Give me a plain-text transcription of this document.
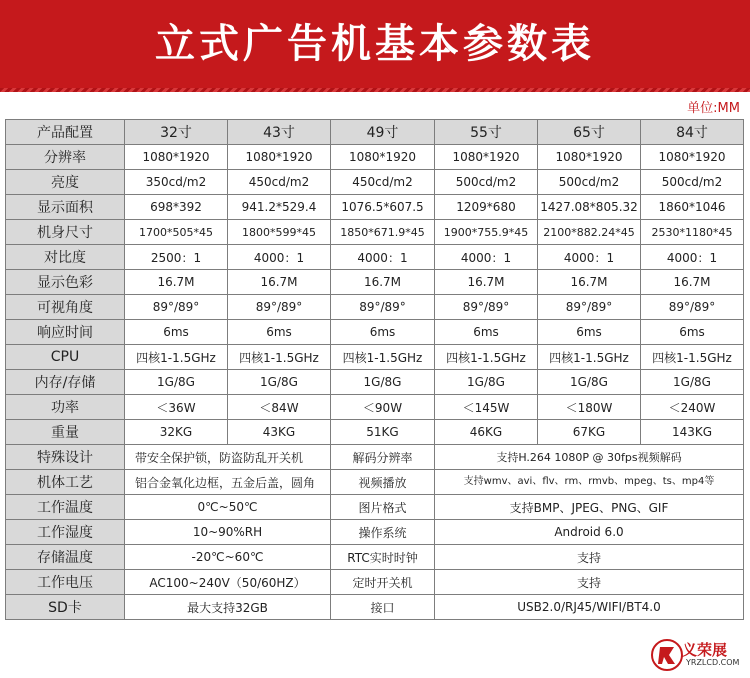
立式广告机基本参数表
单位:MM
产品配置	32寸	43寸	49寸	55寸	65寸	84寸
分辨率	1080*1920	1080*1920	1080*1920	1080*1920	1080*1920	1080*1920
亮度	350cd/m2	450cd/m2	450cd/m2	500cd/m2	500cd/m2	500cd/m2
显示面积	698*392	941.2*529.4	1076.5*607.5	1209*680	1427.08*805.32	1860*1046
机身尺寸	1700*505*45	1800*599*45	1850*671.9*45	1900*755.9*45	2100*882.24*45	2530*1180*45
对比度	2500：1	4000：1	4000：1	4000：1	4000：1	4000：1
显示色彩	16.7M	16.7M	16.7M	16.7M	16.7M	16.7M
可视角度	89°/89°	89°/89°	89°/89°	89°/89°	89°/89°	89°/89°
响应时间	6ms	6ms	6ms	6ms	6ms	6ms
CPU	四核1-1.5GHz	四核1-1.5GHz	四核1-1.5GHz	四核1-1.5GHz	四核1-1.5GHz	四核1-1.5GHz
内存/存储	1G/8G	1G/8G	1G/8G	1G/8G	1G/8G	1G/8G
功率	＜36W	＜84W	＜90W	＜145W	＜180W	＜240W
重量	32KG	43KG	51KG	46KG	67KG	143KG
特殊设计	带安全保护锁，防盗防乱开关机		解码分辨率	支持H.264 1080P @ 30fps视频解码		
机体工艺	铝合金氧化边框，五金后盖，圆角		视频播放	支持wmv、avi、flv、rm、rmvb、mpeg、ts、mp4等		
工作温度	0℃~50℃		图片格式	支持BMP、JPEG、PNG、GIF		
工作湿度	10~90%RH		操作系统	Android 6.0		
存储温度	-20℃~60℃		RTC实时时钟	支持		
工作电压	AC100~240V（50/60HZ）		定时开关机	支持		
SD卡	最大支持32GB		接口	USB2.0/RJ45/WIFI/BT4.0		
义荣展
YRZLCD.COM
